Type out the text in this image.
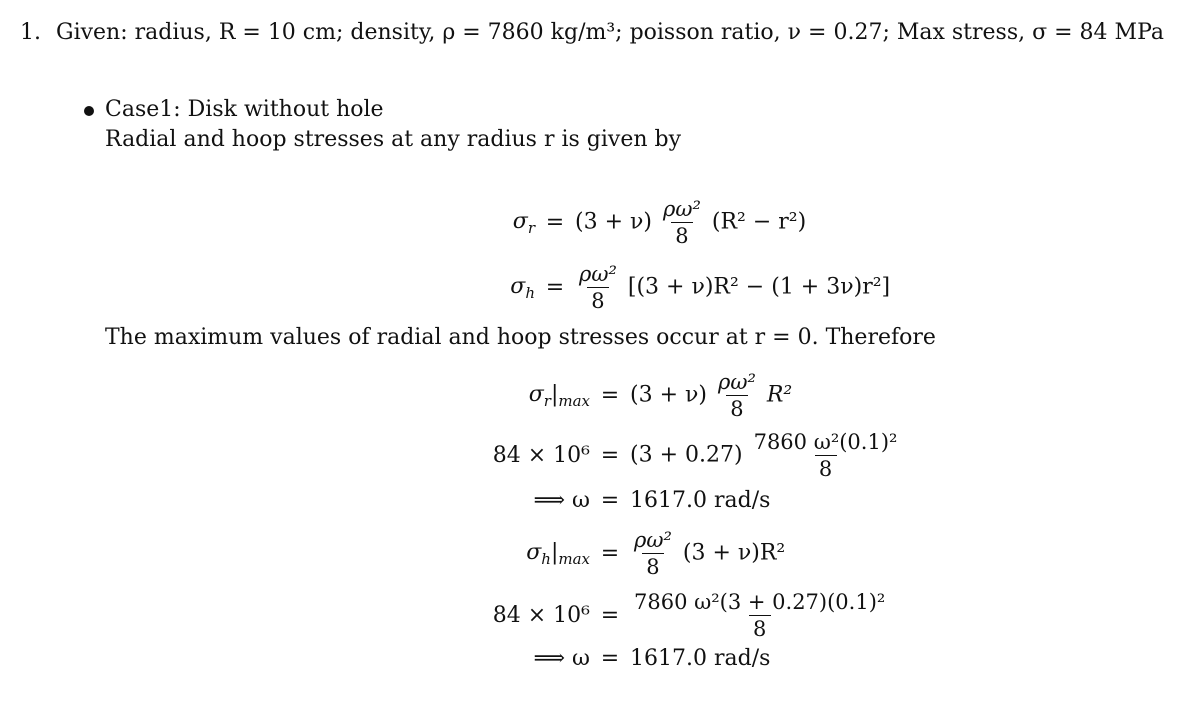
1. Given: radius, R = 10 cm; density, ρ = 7860 kg/m³; poisson ratio, ν = 0.27; Max stress, σ = 84 MPa
Case1: Disk without hole
Radial and hoop stresses at any radius r is given by
$\sigma_r = (3 + \nu) \frac{\text{ρω²}}{8} (R^2 - r^2)$
$\sigma_h = \frac{\text{ρω²}}{8} [(3 + \nu)R^2 - (1 + 3\nu)r^2]$
The maximum values of radial and hoop stresses occur at r = 0. Therefore
$\sigma_r|_{max} = (3 + \nu) \frac{\text{ρω²}}{8} R^2$
$84 \times 10^6 = (3 + 0.27) \frac{\text{7860 ω²(0.1)²}}{8}$
⟹ ω = 1617.0 rad/s
$\sigma_h|_{max} = \frac{\text{ρω²}}{8} (3 + \nu)R^2$
$84 \times 10^6 = \frac{\text{7860 ω²(3 + 0.27)(0.1)²}}{8}$
⟹ ω = 1617.0 rad/s
